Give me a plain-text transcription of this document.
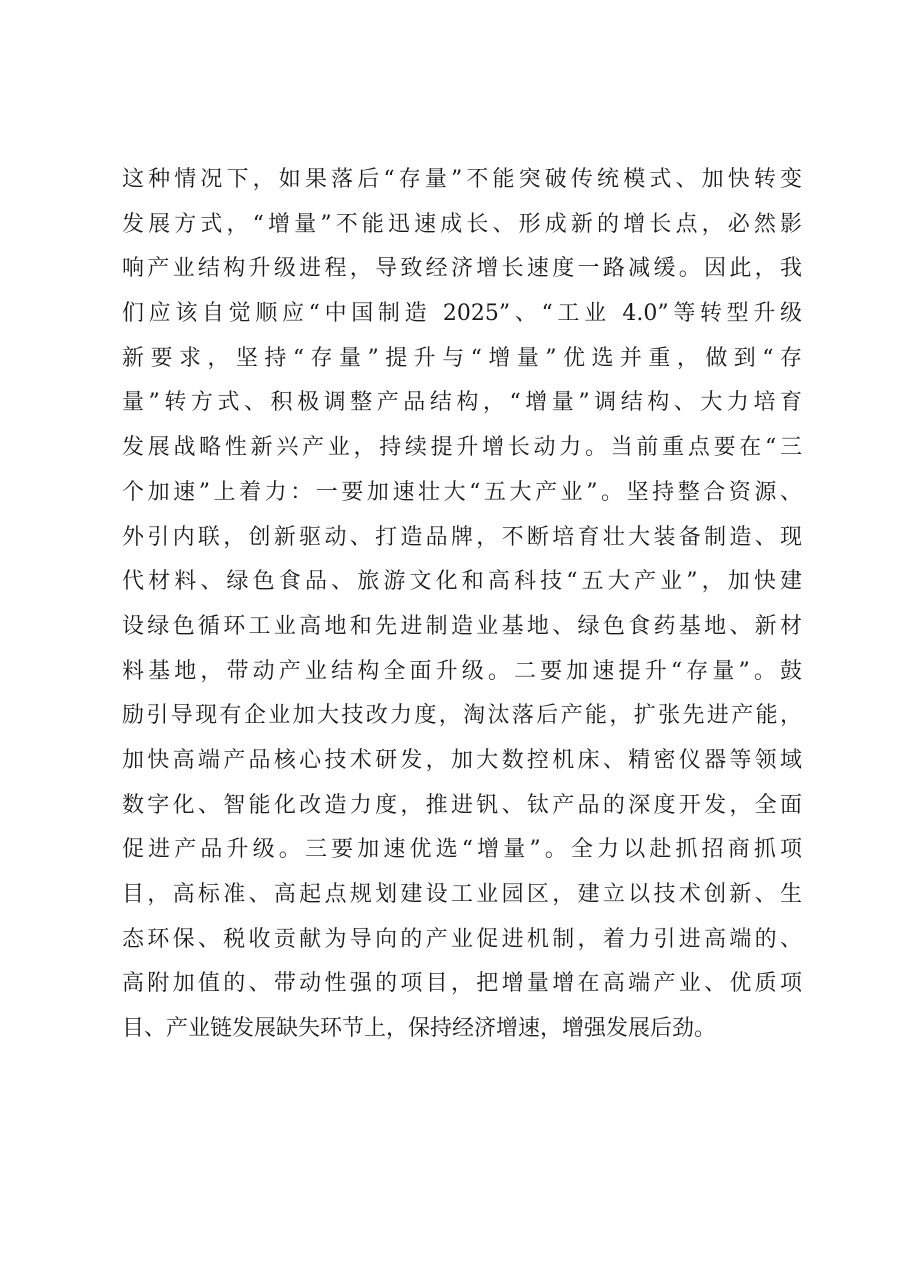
这种情况下，如果落后“存量”不能突破传统模式、加快转变
发展方式，“增量”不能迅速成长、形成新的增长点，必然影
响产业结构升级进程，导致经济增长速度一路减缓。因此，我
们应该自觉顺应“中国制造 2025”、“工业 4.0”等转型升级
新要求，坚持“存量”提升与“增量”优选并重，做到“存
量”转方式、积极调整产品结构，“增量”调结构、大力培育
发展战略性新兴产业，持续提升增长动力。当前重点要在“三
个加速”上着力：一要加速壮大“五大产业”。坚持整合资源、
外引内联，创新驱动、打造品牌，不断培育壮大装备制造、现
代材料、绿色食品、旅游文化和高科技“五大产业”，加快建
设绿色循环工业高地和先进制造业基地、绿色食药基地、新材
料基地，带动产业结构全面升级。二要加速提升“存量”。鼓
励引导现有企业加大技改力度，淘汰落后产能，扩张先进产能，
加快高端产品核心技术研发，加大数控机床、精密仪器等领域
数字化、智能化改造力度，推进钒、钛产品的深度开发，全面
促进产品升级。三要加速优选“增量”。全力以赴抓招商抓项
目，高标准、高起点规划建设工业园区，建立以技术创新、生
态环保、税收贡献为导向的产业促进机制，着力引进高端的、
高附加值的、带动性强的项目，把增量增在高端产业、优质项
目、产业链发展缺失环节上，保持经济增速，增强发展后劲。
